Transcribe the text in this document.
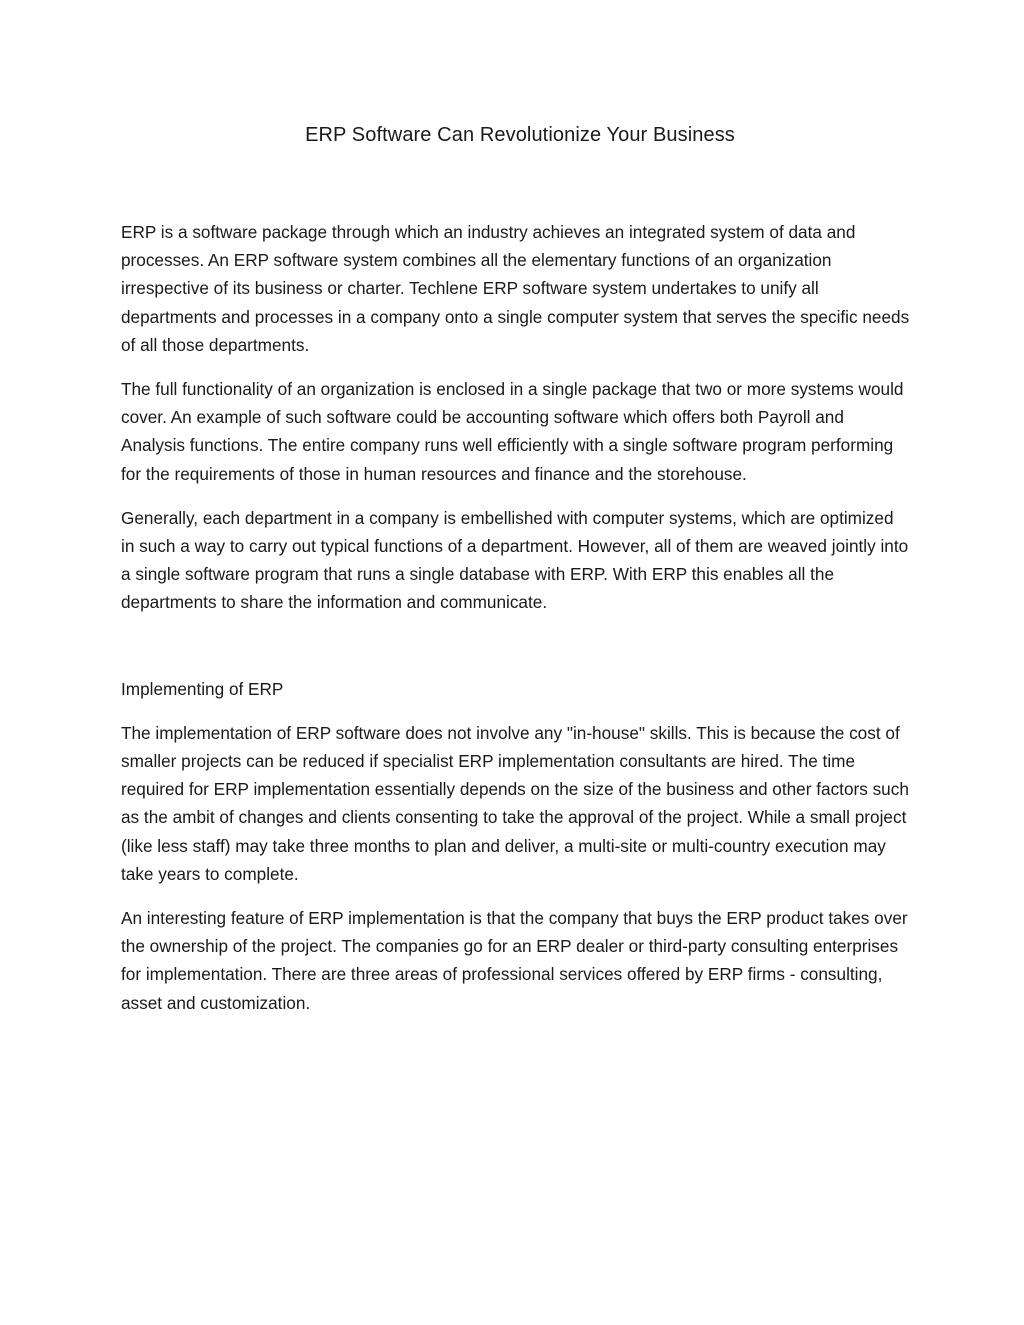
ERP Software Can Revolutionize Your Business

ERP is a software package through which an industry achieves an integrated system of data and processes. An ERP software system combines all the elementary functions of an organization irrespective of its business or charter. Techlene ERP software system undertakes to unify all departments and processes in a company onto a single computer system that serves the specific needs of all those departments.

The full functionality of an organization is enclosed in a single package that two or more systems would cover. An example of such software could be accounting software which offers both Payroll and Analysis functions. The entire company runs well efficiently with a single software program performing for the requirements of those in human resources and finance and the storehouse.

Generally, each department in a company is embellished with computer systems, which are optimized in such a way to carry out typical functions of a department. However, all of them are weaved jointly into a single software program that runs a single database with ERP. With ERP this enables all the departments to share the information and communicate.

Implementing of ERP

The implementation of ERP software does not involve any "in-house" skills. This is because the cost of smaller projects can be reduced if specialist ERP implementation consultants are hired. The time required for ERP implementation essentially depends on the size of the business and other factors such as the ambit of changes and clients consenting to take the approval of the project. While a small project (like less staff) may take three months to plan and deliver, a multi-site or multi-country execution may take years to complete.

An interesting feature of ERP implementation is that the company that buys the ERP product takes over the ownership of the project. The companies go for an ERP dealer or third-party consulting enterprises for implementation. There are three areas of professional services offered by ERP firms - consulting, asset and customization.
